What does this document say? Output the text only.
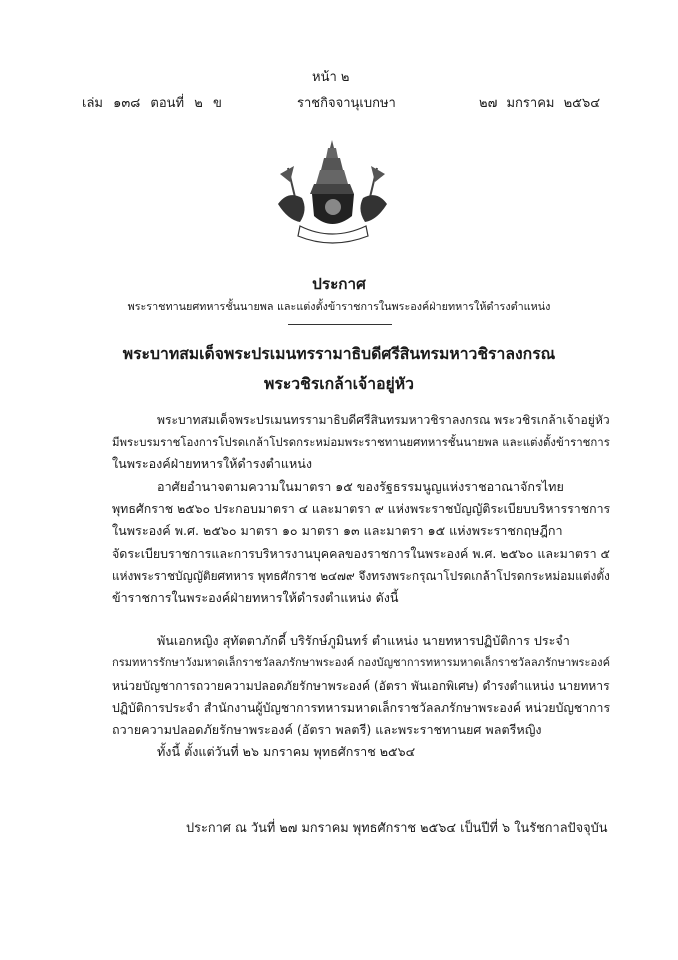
หน้า ๒
เล่ม ๑๓๘ ตอนที่ ๒ ข	ราชกิจจานุเบกษา	๒๗ มกราคม ๒๕๖๔
ประกาศ
พระราชทานยศทหารชั้นนายพล และแต่งตั้งข้าราชการในพระองค์ฝ่ายทหารให้ดำรงตำแหน่ง
พระบาทสมเด็จพระปรเมนทรรามาธิบดีศรีสินทรมหาวชิราลงกรณ
พระวชิรเกล้าเจ้าอยู่หัว
พระบาทสมเด็จพระปรเมนทรรามาธิบดีศรีสินทรมหาวชิราลงกรณ พระวชิรเกล้าเจ้าอยู่หัว
มีพระบรมราชโองการโปรดเกล้าโปรดกระหม่อมพระราชทานยศทหารชั้นนายพล และแต่งตั้งข้าราชการ
ในพระองค์ฝ่ายทหารให้ดำรงตำแหน่ง
อาศัยอำนาจตามความในมาตรา ๑๕ ของรัฐธรรมนูญแห่งราชอาณาจักรไทย
พุทธศักราช ๒๕๖๐ ประกอบมาตรา ๔ และมาตรา ๙ แห่งพระราชบัญญัติระเบียบบริหารราชการ
ในพระองค์ พ.ศ. ๒๕๖๐ มาตรา ๑๐ มาตรา ๑๓ และมาตรา ๑๕ แห่งพระราชกฤษฎีกา
จัดระเบียบราชการและการบริหารงานบุคคลของราชการในพระองค์ พ.ศ. ๒๕๖๐ และมาตรา ๕
แห่งพระราชบัญญัติยศทหาร พุทธศักราช ๒๔๗๙ จึงทรงพระกรุณาโปรดเกล้าโปรดกระหม่อมแต่งตั้ง
ข้าราชการในพระองค์ฝ่ายทหารให้ดำรงตำแหน่ง ดังนี้
พันเอกหญิง สุทัตตาภักดี์ บริรักษ์ภูมินทร์ ตำแหน่ง นายทหารปฏิบัติการ ประจำ
กรมทหารรักษาวังมหาดเล็กราชวัลลภรักษาพระองค์ กองบัญชาการทหารมหาดเล็กราชวัลลภรักษาพระองค์
หน่วยบัญชาการถวายความปลอดภัยรักษาพระองค์ (อัตรา พันเอกพิเศษ) ดำรงตำแหน่ง นายทหาร
ปฏิบัติการประจำ สำนักงานผู้บัญชาการทหารมหาดเล็กราชวัลลภรักษาพระองค์ หน่วยบัญชาการ
ถวายความปลอดภัยรักษาพระองค์ (อัตรา พลตรี) และพระราชทานยศ พลตรีหญิง
ทั้งนี้ ตั้งแต่วันที่ ๒๖ มกราคม พุทธศักราช ๒๕๖๔
ประกาศ ณ วันที่ ๒๗ มกราคม พุทธศักราช ๒๕๖๔ เป็นปีที่ ๖ ในรัชกาลปัจจุบัน
